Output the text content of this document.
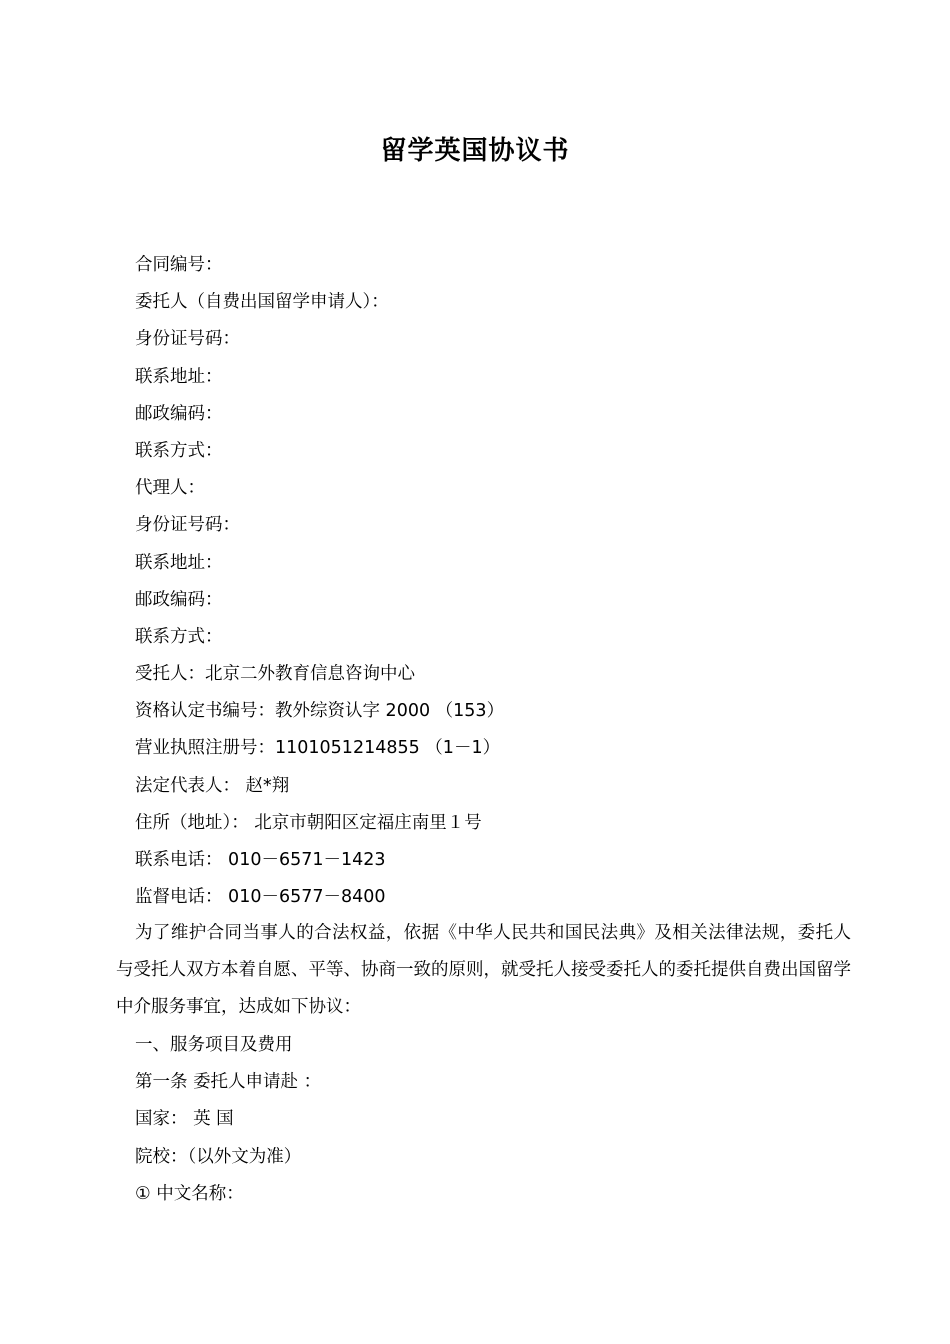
留学英国协议书
合同编号：
委托人（自费出国留学申请人）：
身份证号码：
联系地址：
邮政编码：
联系方式：
代理人：
身份证号码：
联系地址：
邮政编码：
联系方式：
受托人：北京二外教育信息咨询中心
资格认定书编号：教外综资认字 2000 （153）
营业执照注册号：1101051214855 （1－1）
法定代表人： 赵*翔
住所（地址）： 北京市朝阳区定福庄南里１号
联系电话： 010－6571－1423
监督电话： 010－6577－8400
为了维护合同当事人的合法权益，依据《中华人民共和国民法典》及相关法律法规，委托人与受托人双方本着自愿、平等、协商一致的原则，就受托人接受委托人的委托提供自费出国留学中介服务事宜，达成如下协议：
一、服务项目及费用
第一条 委托人申请赴 ：
国家： 英 国
院校：（以外文为准）
① 中文名称：
